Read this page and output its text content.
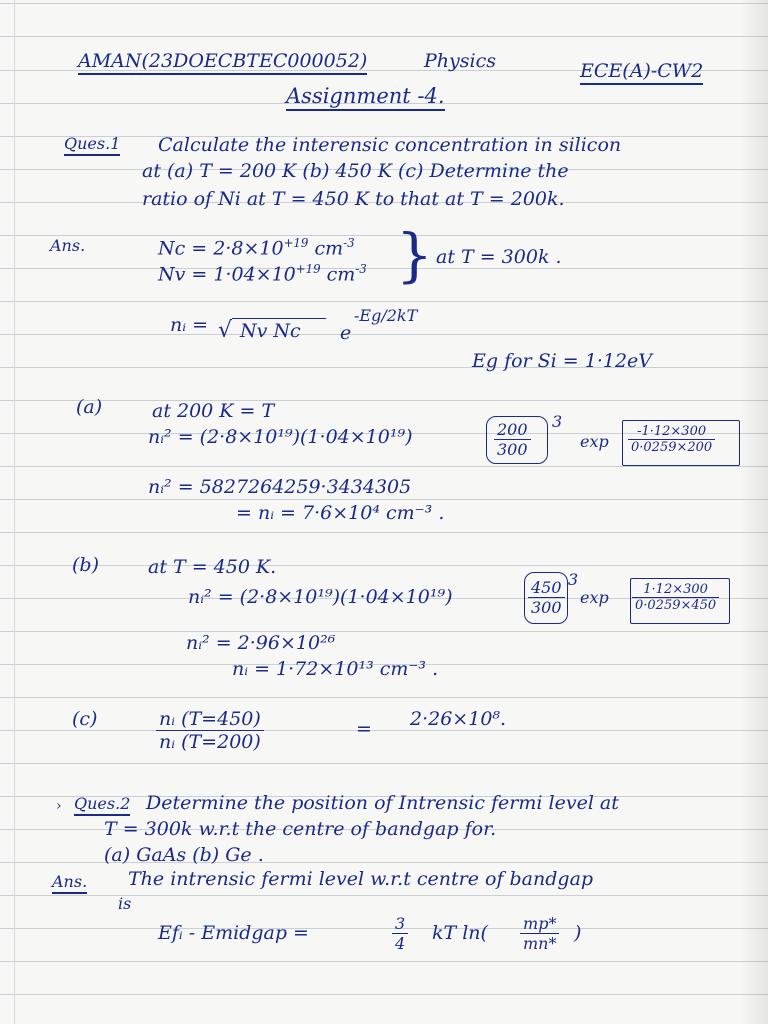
AMAN(23DOECBTEC000052)	Physics	ECE(A)-CW2
Assignment -4.
Ques.1 Calculate the interensic concentration in silicon
at (a) T = 200 K (b) 450 K (c) Determine the
ratio of Ni at T = 450 K to that at T = 200k.
Ans.	$Nc = 2\cdot 8\times 10^{+19}$ $cm^{-3}$
$Nv = 1\cdot 04\times 10^{+19}$ $cm^{-3}$ } at T = 300k .
nᵢ = √ Nv Nc e
-Eg/2kT
Eg for Si = 1·12eV
(a)	at 200 K = T
nᵢ² = (2·8×10¹⁹)(1·04×10¹⁹)	$\frac{200}{300} 3$
$\exp \frac{-1\cdot 12\times 300}{0\cdot 0259\times 200}$
nᵢ² = 5827264259·3434305
= nᵢ = 7·6×10⁴ cm⁻³ .
(b)	at T = 450 K.
nᵢ² = (2·8×10¹⁹)(1·04×10¹⁹)	$\frac{450}{300} 3$
$\exp \frac{1\cdot 12\times 300}{0\cdot 0259\times 450}$
nᵢ² = 2·96×10²⁶
nᵢ = 1·72×10¹³ cm⁻³ .
(c)	$\frac{\text{nᵢ (T=450)}}{\text{nᵢ (T=200)}}$	= 2·26×10⁸.
› Ques.2 Determine the position of Intrensic fermi level at
T = 300k w.r.t the centre of bandgap for.
(a) GaAs (b) Ge .
Ans. The intrensic fermi level w.r.t centre of bandgap
is
Efᵢ - Emidgap =	$\frac{3}{4}$ kT $\ln( \frac{mp*}{mn*}$ )
